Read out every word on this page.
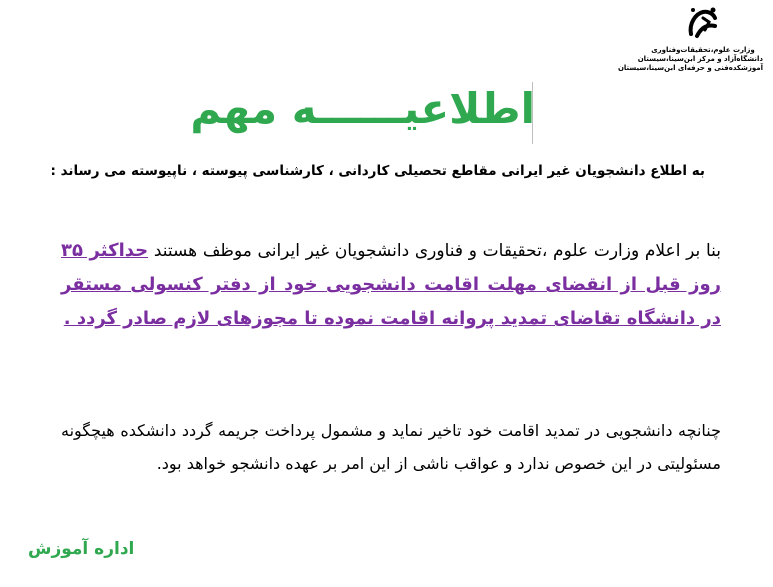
وزارت علوم،تحقیقات‌وفناوری
دانشگاه‌آزاد و مرکز ابن‌سینا،سیستان
آموزشکده‌فنی و حرفه‌ای ابن‌سینا‌،سیستان
اطلاعیــــــه مهم
به اطلاع دانشجویان غیر ایرانی مقاطع تحصیلی کاردانی ، کارشناسی پیوسته ، ناپیوسته می رساند :
بنا بر اعلام وزارت علوم ،تحقیقات و فناوری دانشجویان غیر ایرانی موظف هستند حداکثر ۳۵ روز قبل از انقضای مهلت اقامت دانشجویی خود از دفتر کنسولی مستقر در دانشگاه تقاضای تمدید پروانه اقامت نموده تا مجوزهای لازم صادر گردد .
چنانچه دانشجویی در تمدید اقامت خود تاخیر نماید و مشمول پرداخت جریمه گردد دانشکده هیچگونه مسئولیتی در این خصوص ندارد و عواقب ناشی از این امر بر عهده دانشجو خواهد بود.
اداره آموزش
